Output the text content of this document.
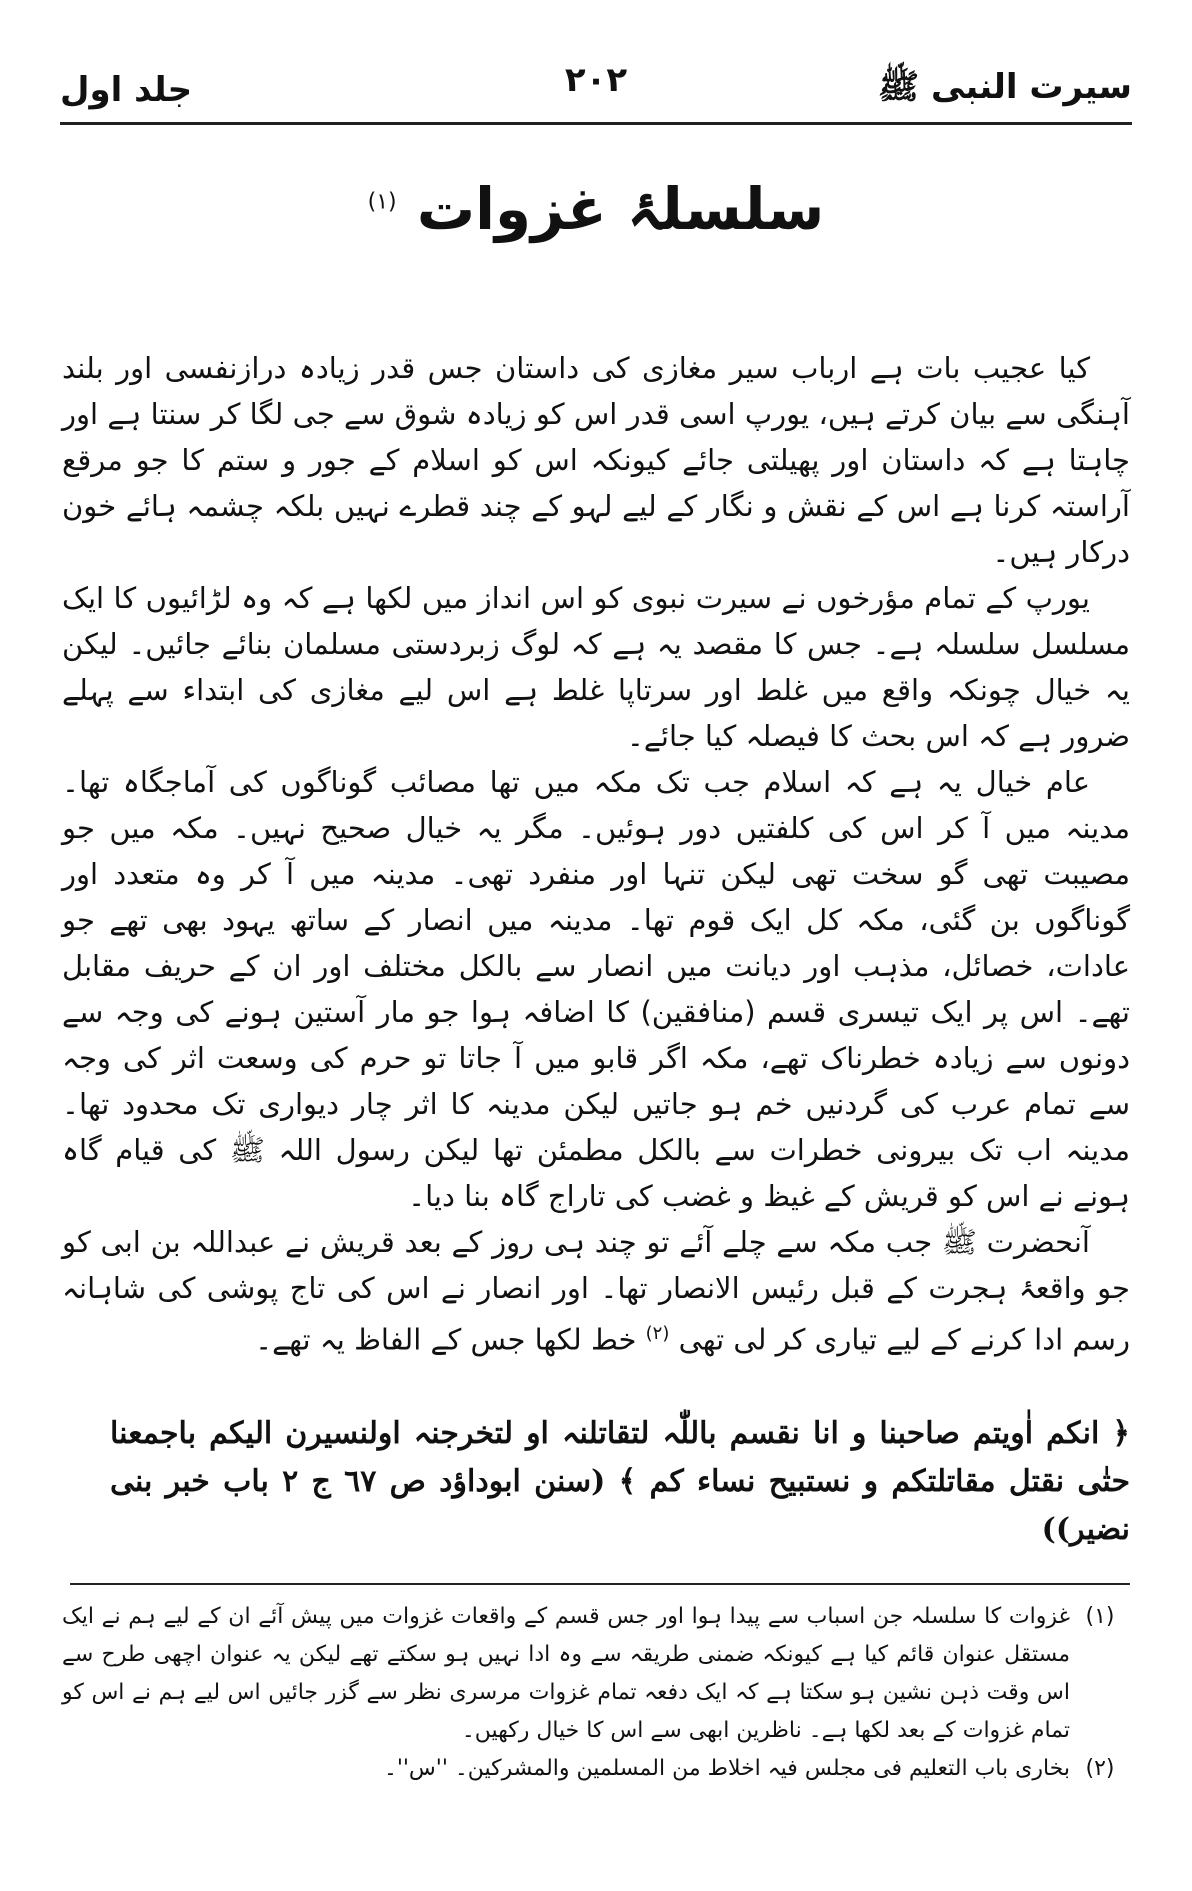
سیرت النبی ﷺ
جلد اول	۲۰۲
سلسلۂ غزوات $^{(۱)}$

کیا عجیب بات ہے ارباب سیر مغازی کی داستان جس قدر زیادہ درازنفسی اور بلند آہنگی سے بیان کرتے ہیں، یورپ اسی قدر اس کو زیادہ شوق سے جی لگا کر سنتا ہے اور چاہتا ہے کہ داستان اور پھیلتی جائے کیونکہ اس کو اسلام کے جور و ستم کا جو مرقع آراستہ کرنا ہے اس کے نقش و نگار کے لیے لہو کے چند قطرے نہیں بلکہ چشمہ ہائے خون درکار ہیں۔

یورپ کے تمام مؤرخوں نے سیرت نبوی کو اس انداز میں لکھا ہے کہ وہ لڑائیوں کا ایک مسلسل سلسلہ ہے۔ جس کا مقصد یہ ہے کہ لوگ زبردستی مسلمان بنائے جائیں۔ لیکن یہ خیال چونکہ واقع میں غلط اور سرتاپا غلط ہے اس لیے مغازی کی ابتداء سے پہلے ضرور ہے کہ اس بحث کا فیصلہ کیا جائے۔

عام خیال یہ ہے کہ اسلام جب تک مکہ میں تھا مصائب گوناگوں کی آماجگاہ تھا۔ مدینہ میں آ کر اس کی کلفتیں دور ہوئیں۔ مگر یہ خیال صحیح نہیں۔ مکہ میں جو مصیبت تھی گو سخت تھی لیکن تنہا اور منفرد تھی۔ مدینہ میں آ کر وہ متعدد اور گوناگوں بن گئی، مکہ کل ایک قوم تھا۔ مدینہ میں انصار کے ساتھ یہود بھی تھے جو عادات، خصائل، مذہب اور دیانت میں انصار سے بالکل مختلف اور ان کے حریف مقابل تھے۔ اس پر ایک تیسری قسم (منافقین) کا اضافہ ہوا جو مار آستین ہونے کی وجہ سے دونوں سے زیادہ خطرناک تھے، مکہ اگر قابو میں آ جاتا تو حرم کی وسعت اثر کی وجہ سے تمام عرب کی گردنیں خم ہو جاتیں لیکن مدینہ کا اثر چار دیواری تک محدود تھا۔ مدینہ اب تک بیرونی خطرات سے بالکل مطمئن تھا لیکن رسول اللہ ﷺ کی قیام گاہ ہونے نے اس کو قریش کے غیظ و غضب کی تاراج گاہ بنا دیا۔

آنحضرت ﷺ جب مکہ سے چلے آئے تو چند ہی روز کے بعد قریش نے عبداللہ بن ابی کو جو واقعۂ ہجرت کے قبل رئیس الانصار تھا۔ اور انصار نے اس کی تاج پوشی کی شاہانہ رسم ادا کرنے کے لیے تیاری کر لی تھی $^{(۲)}$ خط لکھا جس کے الفاظ یہ تھے۔

﴿ انکم اٰویتم صاحبنا و انا نقسم باللّٰہ لتقاتلنہ او لتخرجنہ اولنسیرن الیکم باجمعنا حتٰی نقتل مقاتلتکم و نستبیح نساء کم ﴾ (سنن ابوداؤد ص ٦٧ ج ٢ باب خبر بنی نضیر))
(۱)
غزوات کا سلسلہ جن اسباب سے پیدا ہوا اور جس قسم کے واقعات غزوات میں پیش آئے ان کے لیے ہم نے ایک مستقل عنوان قائم کیا ہے کیونکہ ضمنی طریقہ سے وہ ادا نہیں ہو سکتے تھے لیکن یہ عنوان اچھی طرح سے اس وقت ذہن نشین ہو سکتا ہے کہ ایک دفعہ تمام غزوات مرسری نظر سے گزر جائیں اس لیے ہم نے اس کو تمام غزوات کے بعد لکھا ہے۔ ناظرین ابھی سے اس کا خیال رکھیں۔
(۲)
بخاری باب التعلیم فی مجلس فیہ اخلاط من المسلمین والمشرکین۔ ''س''۔
